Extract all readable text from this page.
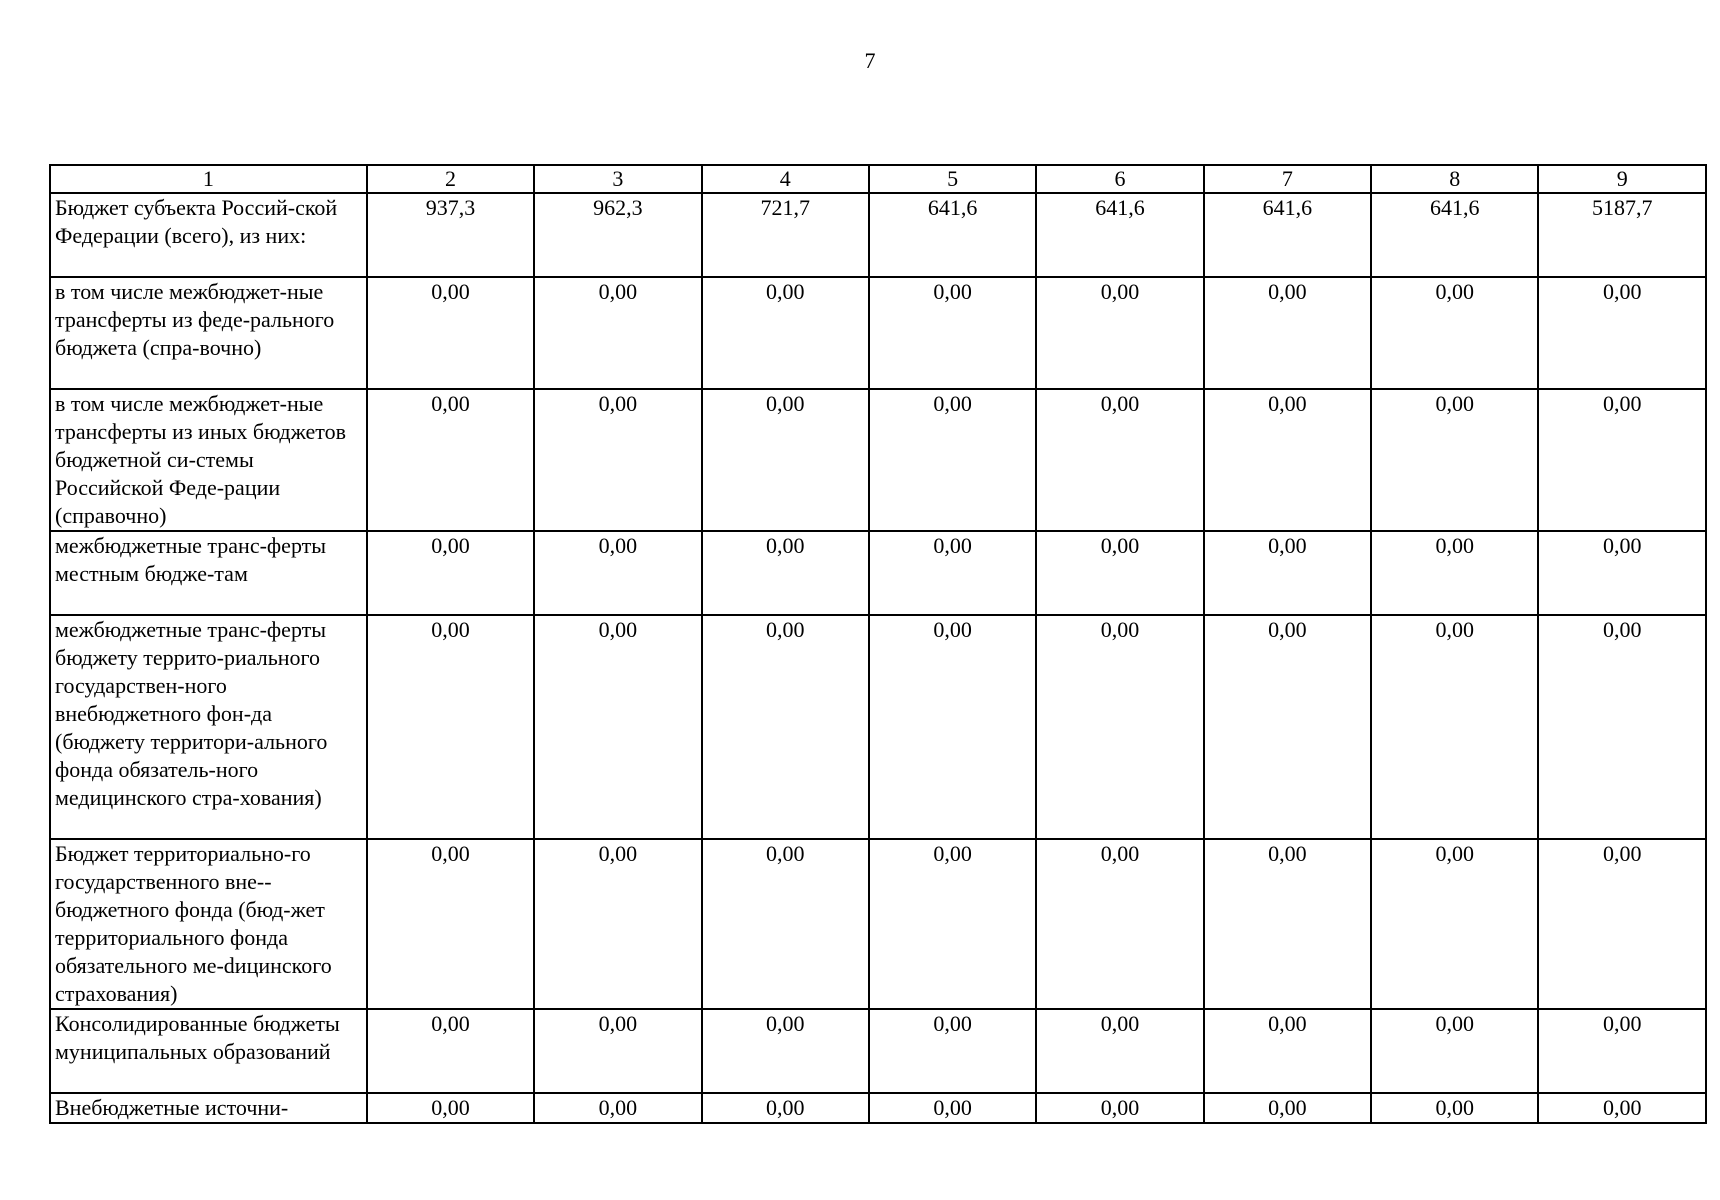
7
1	2	3	4	5	6	7	8	9
Бюджет субъекта Россий-ской Федерации (всего), из них:	937,3	962,3	721,7	641,6	641,6	641,6	641,6	5187,7
в том числе межбюджет-ные трансферты из феде-рального бюджета (спра-вочно)	0,00	0,00	0,00	0,00	0,00	0,00	0,00	0,00
в том числе межбюджет-ные трансферты из иных бюджетов бюджетной си-стемы Российской Феде-рации (справочно)	0,00	0,00	0,00	0,00	0,00	0,00	0,00	0,00
межбюджетные транс-ферты местным бюдже-там	0,00	0,00	0,00	0,00	0,00	0,00	0,00	0,00
межбюджетные транс-ферты бюджету террито-риального государствен-ного внебюджетного фон-да (бюджету территори-ального фонда обязатель-ного медицинского стра-хования)	0,00	0,00	0,00	0,00	0,00	0,00	0,00	0,00
Бюджет территориально-го государственного вне-бюджетного фонда (бюд-жет территориального фонда обязательного ме-dицинского страхования)	0,00	0,00	0,00	0,00	0,00	0,00	0,00	0,00
Консолидированные бюджеты муниципальных образований	0,00	0,00	0,00	0,00	0,00	0,00	0,00	0,00
Внебюджетные источни-	0,00	0,00	0,00	0,00	0,00	0,00	0,00	0,00
